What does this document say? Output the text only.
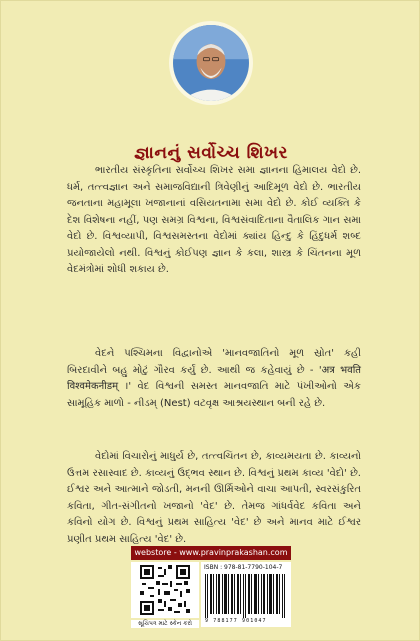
જ્ઞાનનું સર્વોચ્ચ શિખર

ભારતીય સંસ્કૃતિના સર્વોચ્ચ શિખર સમા જ્ઞાનના હિમાલય વેદો છે. ધર્મ, તત્ત્વજ્ઞાન અને સમાજવિદ્યાની ત્રિવેણીનું આદિમૂળ વેદો છે. ભારતીય જનતાના મહામૂલા ખજાનાનાં વસિયતનામા સમા વેદો છે. કોઈ વ્યક્તિ કે દેશ વિશેષના નહીં, પણ સમગ્ર વિશ્વના, વિશ્વસંવાદિતાના વૈતાલિક ગાન સમા વેદો છે. વિશ્વવ્યાપી, વિશ્વસમસ્તના વેદોમાં ક્યાંય હિન્દુ કે હિંદુધર્મ શબ્દ પ્રયોજાયેલો નથી. વિશ્વનું કોઈપણ જ્ઞાન કે કલા, શાસ્ત્ર કે ચિંતનના મૂળ વેદમંત્રોમાં શોધી શકાય છે.

વેદને પશ્ચિમના વિદ્વાનોએ 'માનવજાતિનો મૂળ સ્રોત' કહી બિરદાવીને બહુ મોટું ગૌરવ કર્યું છે. આથી જ કહેવાયું છે - 'अत्र भवति विश्वमेकनीडम् ।' વેદ વિશ્વની સમસ્ત માનવજાતિ માટે પંખીઓનો એક સામૂહિક માળો - નીડમ્ (Nest) વટવૃક્ષ આશ્રયસ્થાન બની રહે છે.

વેદોમાં વિચારોનું માધુર્ય છે, તત્ત્વચિંતન છે, કાવ્યમયતા છે. કાવ્યનો ઉત્તમ રસાસ્વાદ છે. કાવ્યનું ઉદ્ભવ સ્થાન છે. વિશ્વનું પ્રથમ કાવ્ય 'વેદો' છે. ઈશ્વર અને આત્માને જોડતી, મનની ઊર્મિઓને વાચા આપતી, સ્વરસંકુરિત કવિતા, ગીત-સંગીતનો ખજાનો 'વેદ' છે. તેમજ ગાંધર્વવેદ કવિતા અને કવિનો યોગ છે. વિશ્વનું પ્રથમ સાહિત્ય 'વેદ' છે અને માનવ માટે ઈશ્વર પ્રણીત પ્રથમ સાહિત્ય 'વેદ' છે.

webstore - www.pravinprakashan.com
સૂચિપત્ર માટે સ્કેન કરો
ISBN : 978-81-7790-104-7
9 788177 901047
